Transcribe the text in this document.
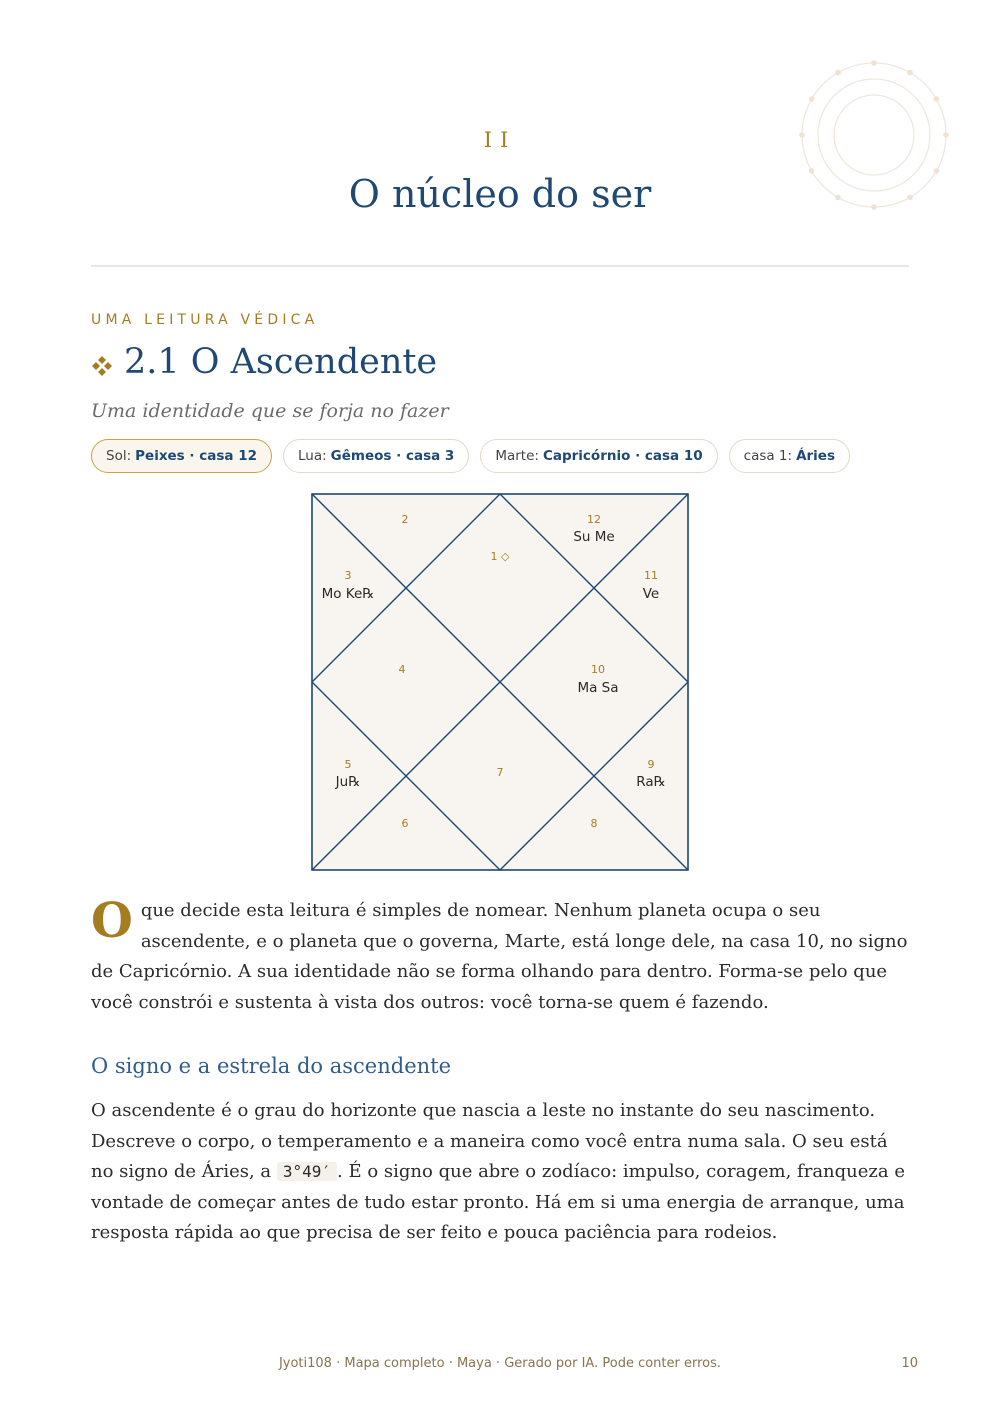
II
O núcleo do ser
UMA LEITURA VÉDICA
2.1 O Ascendente
Uma identidade que se forja no fazer
Sol: Peixes · casa 12	Lua: Gêmeos · casa 3	Marte: Capricórnio · casa 10	casa 1: Áries
1 ◇
2
3
Mo Ke℞
4
5
Ju℞
6
7
8
9
Ra℞
10
Ma Sa
11
Ve
12
Su Me

O que decide esta leitura é simples de nomear. Nenhum planeta ocupa o seu ascendente, e o planeta que o governa, Marte, está longe dele, na casa 10, no signo de Capricórnio. A sua identidade não se forma olhando para dentro. Forma-se pelo que você constrói e sustenta à vista dos outros: você torna-se quem é fazendo.

O signo e a estrela do ascendente

O ascendente é o grau do horizonte que nascia a leste no instante do seu nascimento. Descreve o corpo, o temperamento e a maneira como você entra numa sala. O seu está no signo de Áries, a 3°49′ . É o signo que abre o zodíaco: impulso, coragem, franqueza e vontade de começar antes de tudo estar pronto. Há em si uma energia de arranque, uma resposta rápida ao que precisa de ser feito e pouca paciência para rodeios.

Jyoti108 · Mapa completo · Maya · Gerado por IA. Pode conter erros.	10
